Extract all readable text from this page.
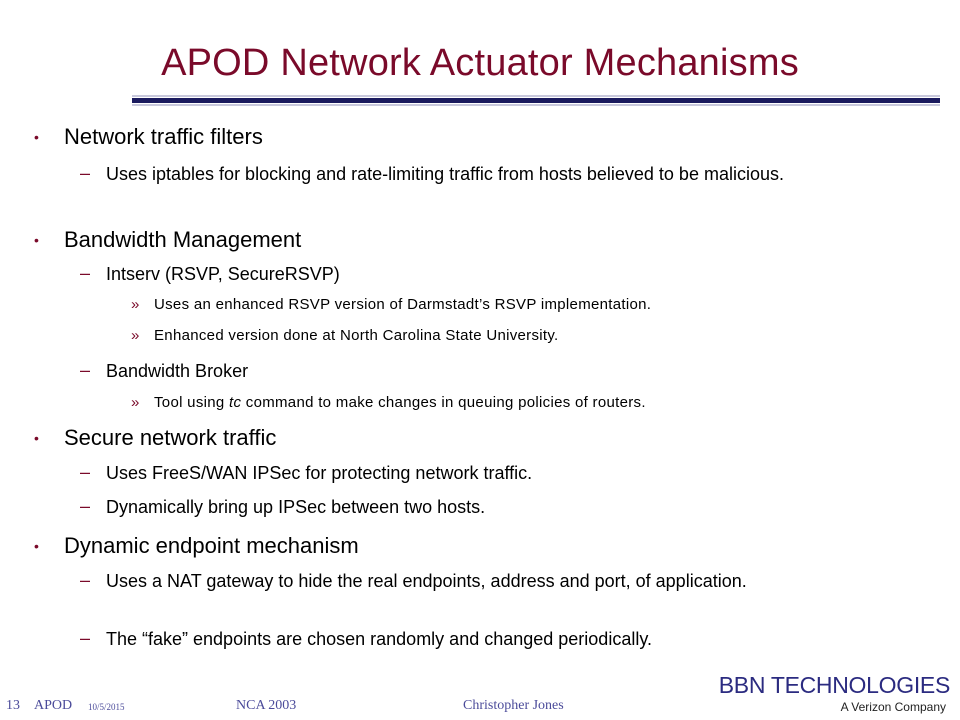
APOD Network Actuator Mechanisms
• Network traffic filters
– Uses iptables for blocking and rate-limiting traffic from hosts believed to be malicious.
• Bandwidth Management
– Intserv (RSVP, SecureRSVP)
» Uses an enhanced RSVP version of Darmstadt’s RSVP implementation.
» Enhanced version done at North Carolina State University.
– Bandwidth Broker
» Tool using tc command to make changes in queuing policies of routers.
• Secure network traffic
– Uses FreeS/WAN IPSec for protecting network traffic.
– Dynamically bring up IPSec between two hosts.
• Dynamic endpoint mechanism
– Uses a NAT gateway to hide the real endpoints, address and port, of application.
– The “fake” endpoints are chosen randomly and changed periodically.
13 APOD 10/5/2015	NCA 2003	Christopher Jones
BBN TECHNOLOGIES
A Verizon Company
